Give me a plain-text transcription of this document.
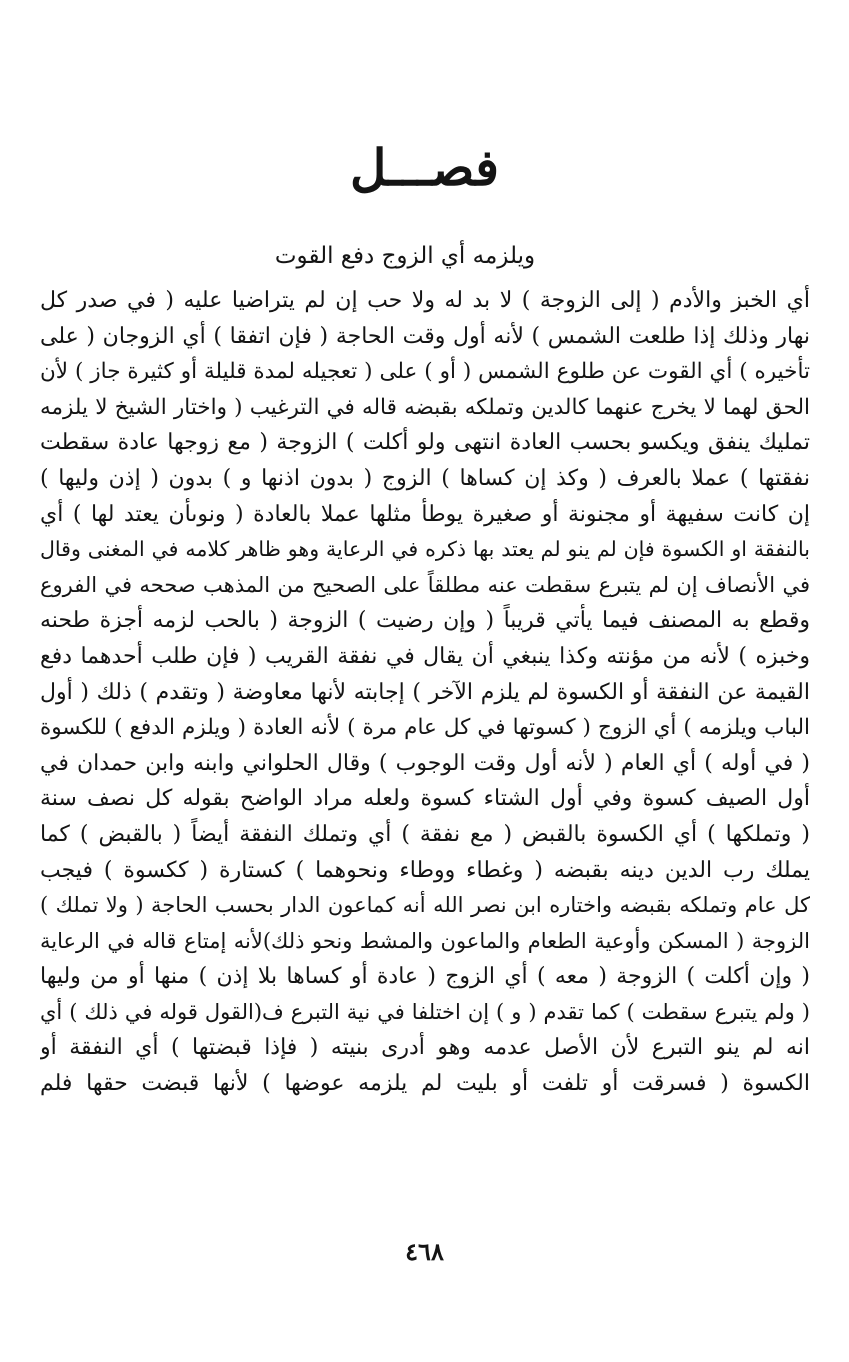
فصـــل
ويلزمه أي الزوج دفع القوت
أي الخبز والأدم ( إلى الزوجة ) لا بد له ولا حب إن لم يتراضيا عليه ( في صدر كل
نهار وذلك إذا طلعت الشمس ) لأنه أول وقت الحاجة ( فإن اتفقا ) أي الزوجان ( على
تأخيره ) أي القوت عن طلوع الشمس ( أو ) على ( تعجيله لمدة قليلة أو كثيرة جاز ) لأن
الحق لهما لا يخرج عنهما كالدين وتملكه بقبضه قاله في الترغيب ( واختار الشيخ لا يلزمه
تمليك ينفق ويكسو بحسب العادة انتهى ولو أكلت ) الزوجة ( مع زوجها عادة سقطت
نفقتها ) عملا بالعرف ( وكذ إن كساها ) الزوج ( بدون اذنها و ) بدون ( إذن وليها )
إن كانت سفيهة أو مجنونة أو صغيرة يوطأ مثلها عملا بالعادة ( ونوىأن يعتد لها ) أي
بالنفقة او الكسوة فإن لم ينو لم يعتد بها ذكره في الرعاية وهو ظاهر كلامه في المغنى وقال
في الأنصاف إن لم يتبرع سقطت عنه مطلقاً على الصحيح من المذهب صححه في الفروع
وقطع به المصنف فيما يأتي قريباً ( وإن رضيت ) الزوجة ( بالحب لزمه أجزة طحنه
وخبزه ) لأنه من مؤنته وكذا ينبغي أن يقال في نفقة القريب ( فإن طلب أحدهما دفع
القيمة عن النفقة أو الكسوة لم يلزم الآخر ) إجابته لأنها معاوضة ( وتقدم ) ذلك ( أول
الباب ويلزمه ) أي الزوج ( كسوتها في كل عام مرة ) لأنه العادة ( ويلزم الدفع ) للكسوة
( في أوله ) أي العام ( لأنه أول وقت الوجوب ) وقال الحلواني وابنه وابن حمدان في
أول الصيف كسوة وفي أول الشتاء كسوة ولعله مراد الواضح بقوله كل نصف سنة
( وتملكها ) أي الكسوة بالقبض ( مع نفقة ) أي وتملك النفقة أيضاً ( بالقبض ) كما
يملك رب الدين دينه بقبضه ( وغطاء ووطاء ونحوهما ) كستارة ( ككسوة ) فيجب
كل عام وتملكه بقبضه واختاره ابن نصر الله أنه كماعون الدار بحسب الحاجة ( ولا تملك )
الزوجة ( المسكن وأوعية الطعام والماعون والمشط ونحو ذلك)لأنه إمتاع قاله في الرعاية
( وإن أكلت ) الزوجة ( معه ) أي الزوج ( عادة أو كساها بلا إذن ) منها أو من وليها
( ولم يتبرع سقطت ) كما تقدم ( و ) إن اختلفا في نية التبرع ف(القول قوله في ذلك ) أي
انه لم ينو التبرع لأن الأصل عدمه وهو أدرى بنيته ( فإذا قبضتها ) أي النفقة أو
الكسوة ( فسرقت أو تلفت أو بليت لم يلزمه عوضها ) لأنها قبضت حقها فلم
٤٦٨
